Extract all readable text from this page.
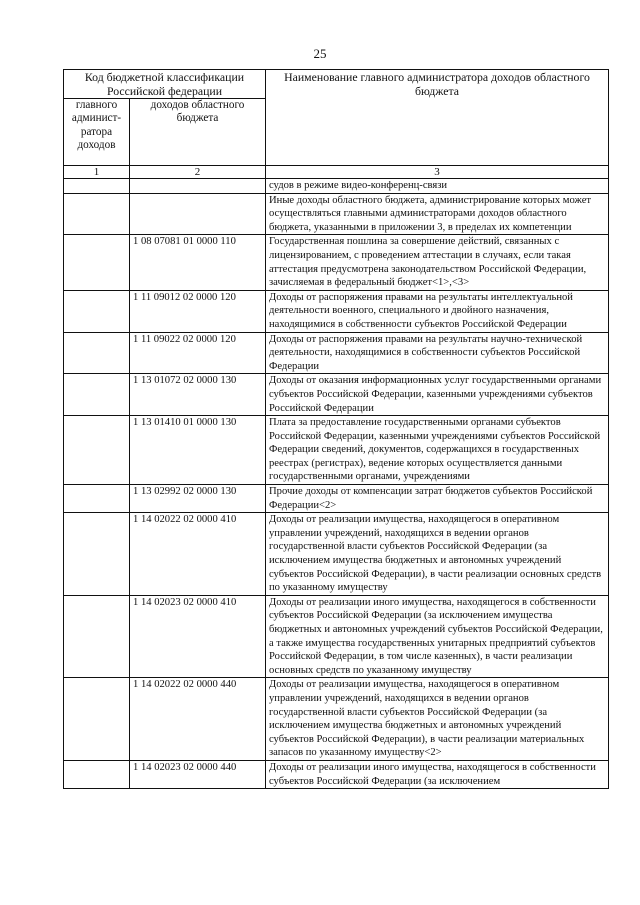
25
Код бюджетной классификации Российской федерации		Наименование главного администратора доходов областного бюджета
главного админист-ратора доходов	доходов областного бюджета	
1	2	3
		судов в режиме видео-конференц-связи
		Иные доходы областного бюджета, администрирование которых может осуществляться главными администраторами доходов областного бюджета, указанными в приложении 3, в пределах их компетенции
	1 08 07081 01 0000 110	Государственная пошлина за совершение действий, связанных с лицензированием, с проведением аттестации в случаях, если такая аттестация предусмотрена законодательством Российской Федерации, зачисляемая в федеральный бюджет<1>,<3>
	1 11 09012 02 0000 120	Доходы от распоряжения правами на результаты интеллектуальной деятельности военного, специального и двойного назначения, находящимися в собственности субъектов Российской Федерации
	1 11 09022 02 0000 120	Доходы от распоряжения правами на результаты научно-технической деятельности, находящимися в собственности субъектов Российской Федерации
	1 13 01072 02 0000 130	Доходы от оказания информационных услуг государственными органами субъектов Российской Федерации, казенными учреждениями субъектов Российской Федерации
	1 13 01410 01 0000 130	Плата за предоставление государственными органами субъектов Российской Федерации, казенными учреждениями субъектов Российской Федерации сведений, документов, содержащихся в государственных реестрах (регистрах), ведение которых осуществляется данными государственными органами, учреждениями
	1 13 02992 02 0000 130	Прочие доходы от компенсации затрат бюджетов субъектов Российской Федерации<2>
	1 14 02022 02 0000 410	Доходы от реализации имущества, находящегося в оперативном управлении учреждений, находящихся в ведении органов государственной власти субъектов Российской Федерации (за исключением имущества бюджетных и автономных учреждений субъектов Российской Федерации), в части реализации основных средств по указанному имуществу
	1 14 02023 02 0000 410	Доходы от реализации иного имущества, находящегося в собственности субъектов Российской Федерации (за исключением имущества бюджетных и автономных учреждений субъектов Российской Федерации, а также имущества государственных унитарных предприятий субъектов Российской Федерации, в том числе казенных), в части реализации основных средств по указанному имуществу
	1 14 02022 02 0000 440	Доходы от реализации имущества, находящегося в оперативном управлении учреждений, находящихся в ведении органов государственной власти субъектов Российской Федерации (за исключением имущества бюджетных и автономных учреждений субъектов Российской Федерации), в части реализации материальных запасов по указанному имуществу<2>
	1 14 02023 02 0000 440	Доходы от реализации иного имущества, находящегося в собственности субъектов Российской Федерации (за исключением
